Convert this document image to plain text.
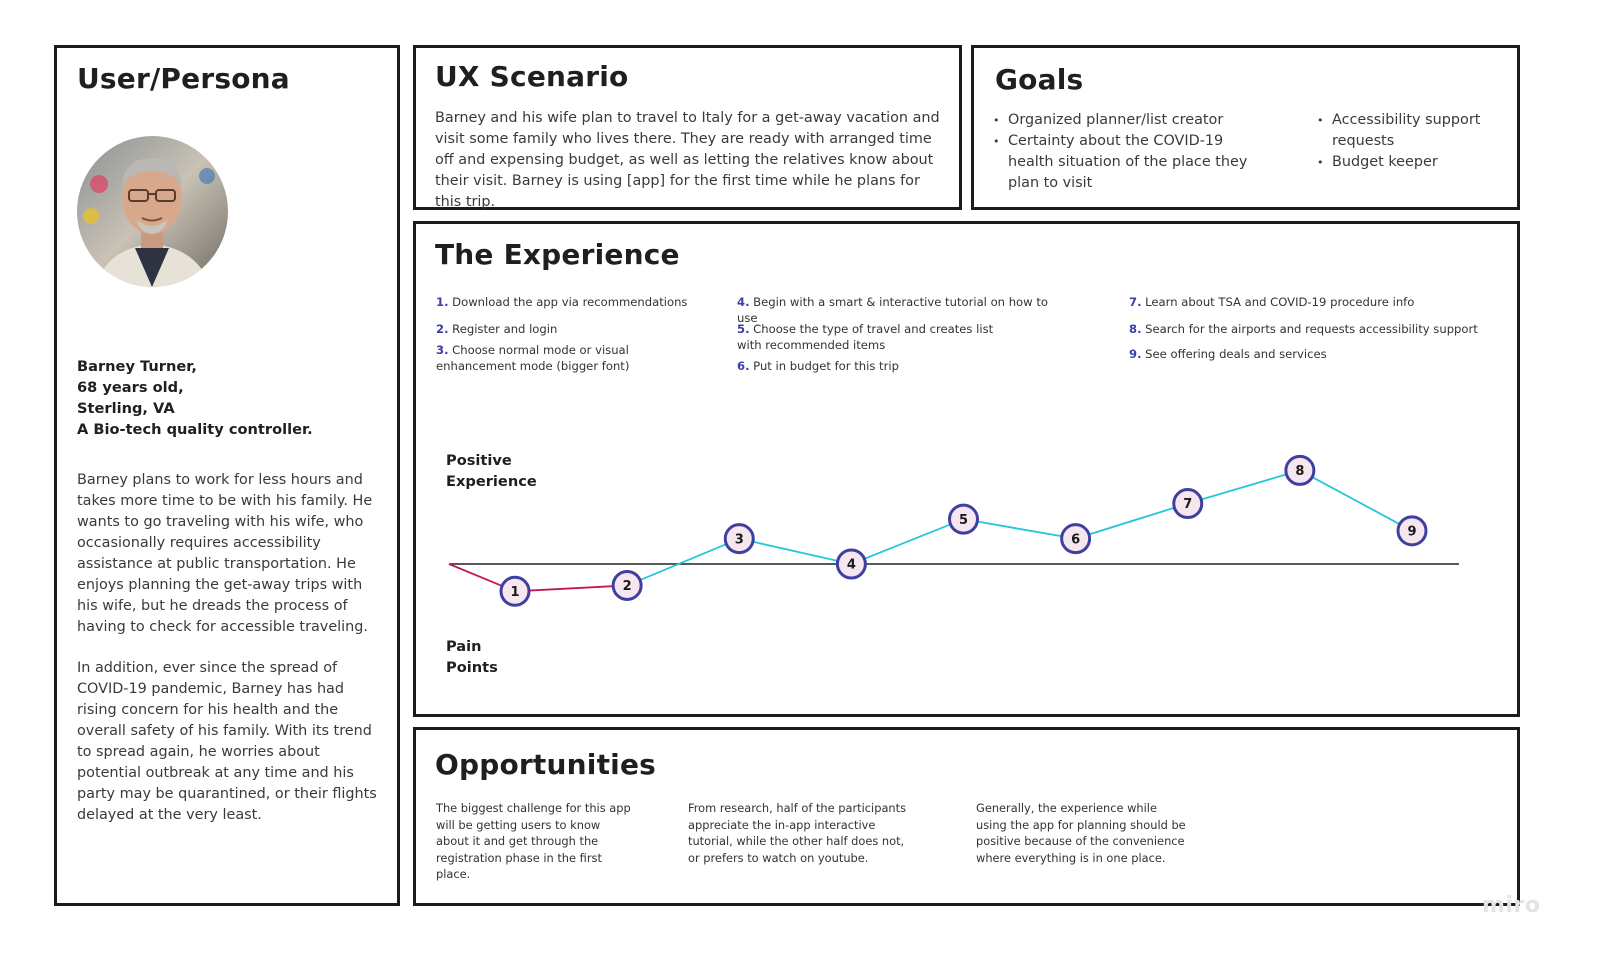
User/Persona
Barney Turner,
68 years old,
Sterling, VA
A Bio-tech quality controller.

Barney plans to work for less hours and takes more time to be with his family. He wants to go traveling with his wife, who occasionally requires accessibility assistance at public transportation. He enjoys planning the get-away trips with his wife, but he dreads the process of having to check for accessible traveling.

In addition, ever since the spread of COVID-19 pandemic, Barney has had rising concern for his health and the overall safety of his family. With its trend to spread again, he worries about potential outbreak at any time and his party may be quarantined, or their flights delayed at the very least.

UX Scenario
Barney and his wife plan to travel to Italy for a get-away vacation and visit some family who lives there. They are ready with arranged time off and expensing budget, as well as letting the relatives know about their visit. Barney is using [app] for the first time while he plans for this trip.
Goals
• Organized planner/list creator
• Certainty about the COVID-19 health situation of the place they plan to visit
• Accessibility support requests
• Budget keeper
The Experience
1. Download the app via recommendations
2. Register and login
3. Choose normal mode or visual enhancement mode (bigger font)
4. Begin with a smart & interactive tutorial on how to use
5. Choose the type of travel and creates list with recommended items
6. Put in budget for this trip
7. Learn about TSA and COVID-19 procedure info
8. Search for the airports and requests accessibility support
9. See offering deals and services
Positive
Experience
Pain
Points
1	2
3
4
5
6
7
8
9
Opportunities
The biggest challenge for this app will be getting users to know about it and get through the registration phase in the first place.
From research, half of the participants appreciate the in-app interactive tutorial, while the other half does not, or prefers to watch on youtube.
Generally, the experience while using the app for planning should be positive because of the convenience where everything is in one place.
miro
